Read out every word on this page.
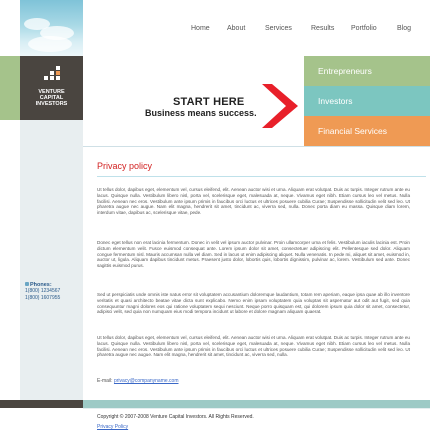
Home About	Services	Results Portfolio	Blog
VENTURE
CAPITAL
INVESTORS	START HERE
Business means success.
Entrepreneurs
Investors
Financial Services
Privacy policy
Ut tellus dolor, dapibus eget, elementum vel, cursus eleifend, elit. Aenean auctor wisi et urna. Aliquam erat volutpat. Duis ac turpis. Integer rutrum ante eu lacus. Quisque nulla. Vestibulum libero nisl, porta vel, scelerisque eget, malesuada at, neque. Vivamus eget nibh. Etiam cursus leo vel metus. Nulla facilisi. Aenean nec eros. Vestibulum ante ipsum primis in faucibus orci luctus et ultrices posuere cubilia Curae; Suspendisse sollicitudin velit sed leo. Ut pharetra augue nec augue. Nam elit magna, hendrerit sit amet, tincidunt ac, viverra sed, nulla. Donec porta diam eu massa. Quisque diam lorem, interdum vitae, dapibus ac, scelerisque vitae, pede.
Donec eget tellus non erat lacinia fermentum. Donec in velit vel ipsum auctor pulvinar. Proin ullamcorper urna et felis. Vestibulum iaculis lacinia est. Proin dictum elementum velit. Fusce euismod consequat ante. Lorem ipsum dolor sit amet, consectetuer adipiscing elit. Pellentesque sed dolor. Aliquam congue fermentum nisl. Mauris accumsan nulla vel diam. Sed in lacus ut enim adipiscing aliquet. Nulla venenatis. In pede mi, aliquet sit amet, euismod in, auctor ut, ligula. Aliquam dapibus tincidunt metus. Praesent justo dolor, lobortis quis, lobortis dignissim, pulvinar ac, lorem. Vestibulum sed ante. Donec sagittis euismod purus.
Sed ut perspiciatis unde omnis iste natus error sit voluptatem accusantium doloremque laudantium, totam rem aperiam, eaque ipsa quae ab illo inventore veritatis et quasi architecto beatae vitae dicta sunt explicabo. Nemo enim ipsam voluptatem quia voluptas sit aspernatur aut odit aut fugit, sed quia consequuntur magni dolores eos qui ratione voluptatem sequi nesciunt. Neque porro quisquam est, qui dolorem ipsum quia dolor sit amet, consectetur, adipisci velit, sed quia non numquam eius modi tempora incidunt ut labore et dolore magnam aliquam quaerat.
Ut tellus dolor, dapibus eget, elementum vel, cursus eleifend, elit. Aenean auctor wisi et urna. Aliquam erat volutpat. Duis ac turpis. Integer rutrum ante eu lacus. Quisque nulla. Vestibulum libero nisl, porta vel, scelerisque eget, malesuada at, neque. Vivamus eget nibh. Etiam cursus leo vel metus. Nulla facilisi. Aenean nec eros. Vestibulum ante ipsum primis in faucibus orci luctus et ultrices posuere cubilia Curae; Suspendisse sollicitudin velit sed leo. Ut pharetra augue nec augue. Nam elit magna, hendrerit sit amet, tincidunt ac, viverra sed, nulla.
E-mail: privacy@companyname.com
Phones:
1(800) 1234567
1(800) 1607955
Copyright © 2007-2008 Venture Capital Investors. All Rights Reserved.
Privacy Policy
